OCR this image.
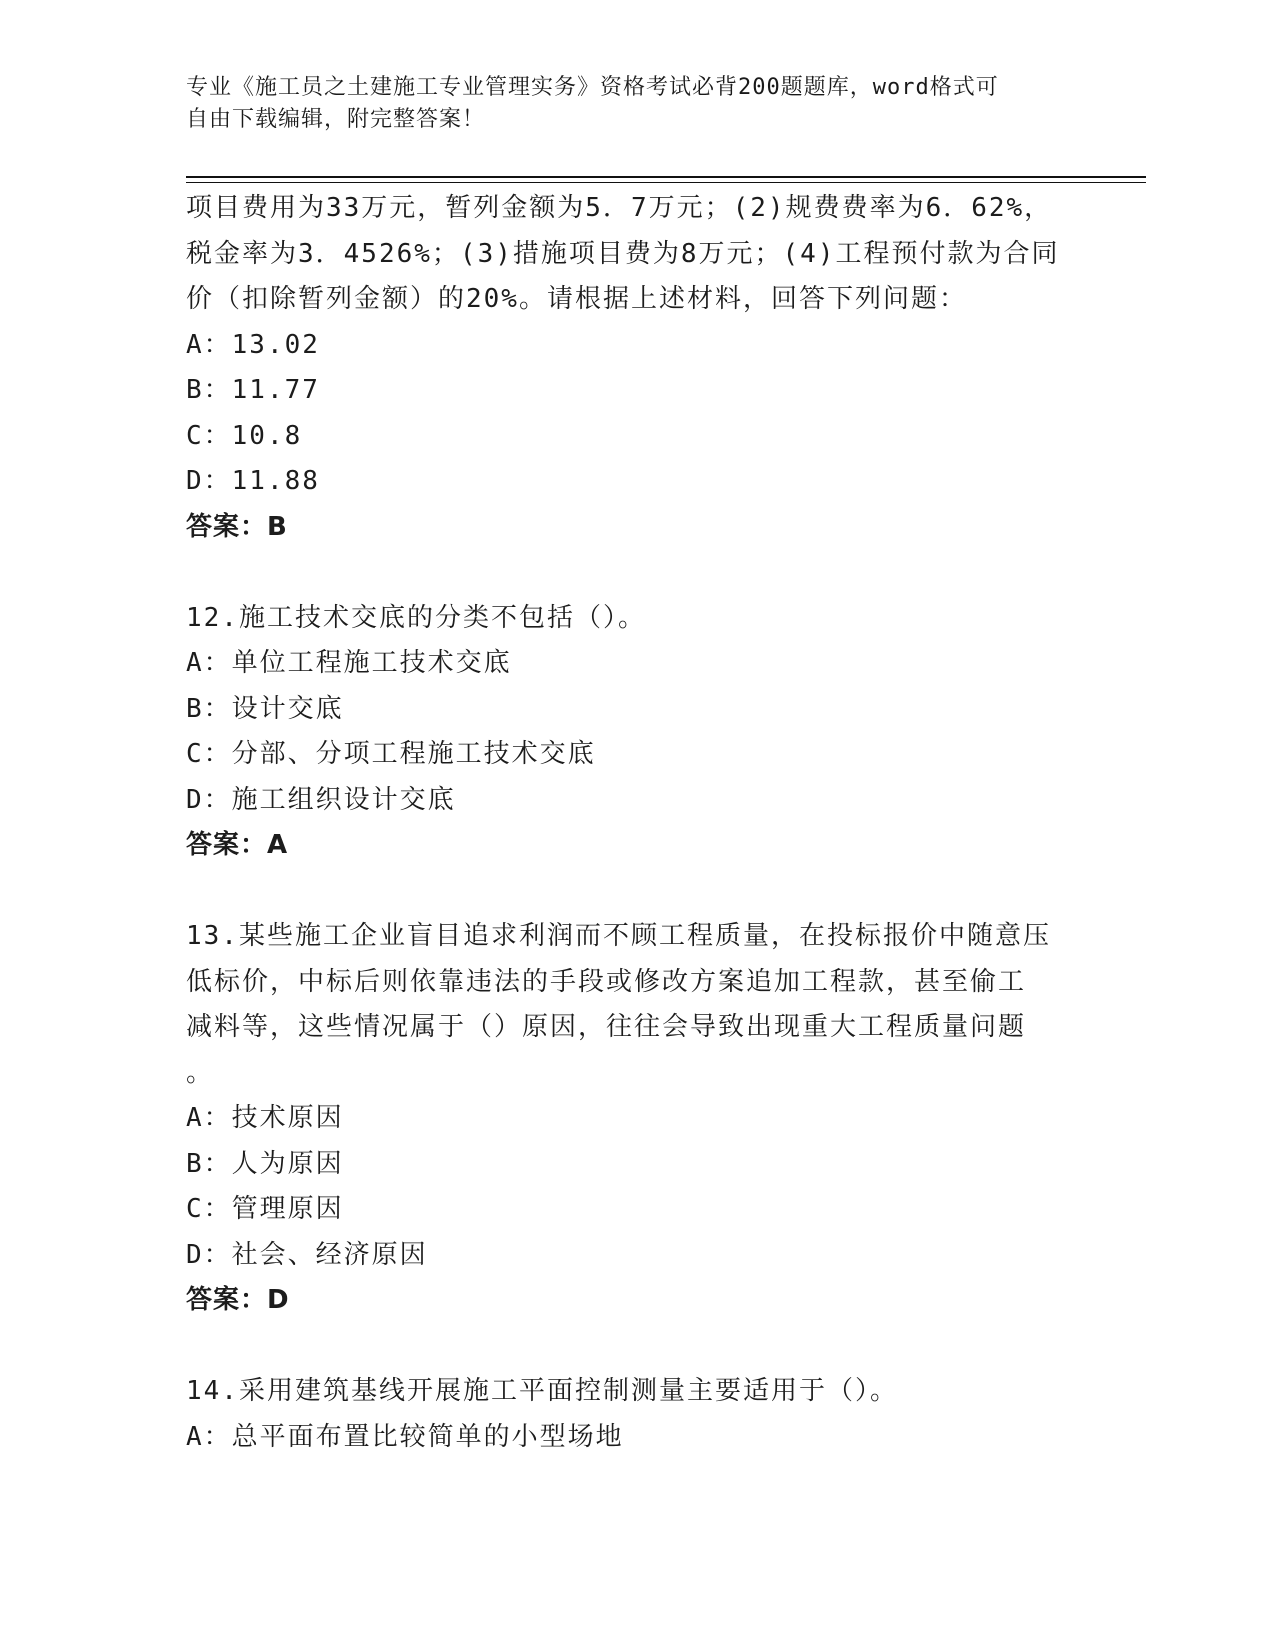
专业《施工员之土建施工专业管理实务》资格考试必背200题题库，word格式可
自由下载编辑，附完整答案！
项目费用为33万元，暂列金额为5．7万元；(2)规费费率为6．62%，
税金率为3．4526%；(3)措施项目费为8万元；(4)工程预付款为合同
价（扣除暂列金额）的20%。请根据上述材料，回答下列问题：
A：13.02
B：11.77
C：10.8
D：11.88
答案：B
12.施工技术交底的分类不包括（）。
A：单位工程施工技术交底
B：设计交底
C：分部、分项工程施工技术交底
D：施工组织设计交底
答案：A
13.某些施工企业盲目追求利润而不顾工程质量，在投标报价中随意压
低标价，中标后则依靠违法的手段或修改方案追加工程款，甚至偷工
减料等，这些情况属于（）原因，往往会导致出现重大工程质量问题
。
A：技术原因
B：人为原因
C：管理原因
D：社会、经济原因
答案：D
14.采用建筑基线开展施工平面控制测量主要适用于（）。
A：总平面布置比较简单的小型场地
